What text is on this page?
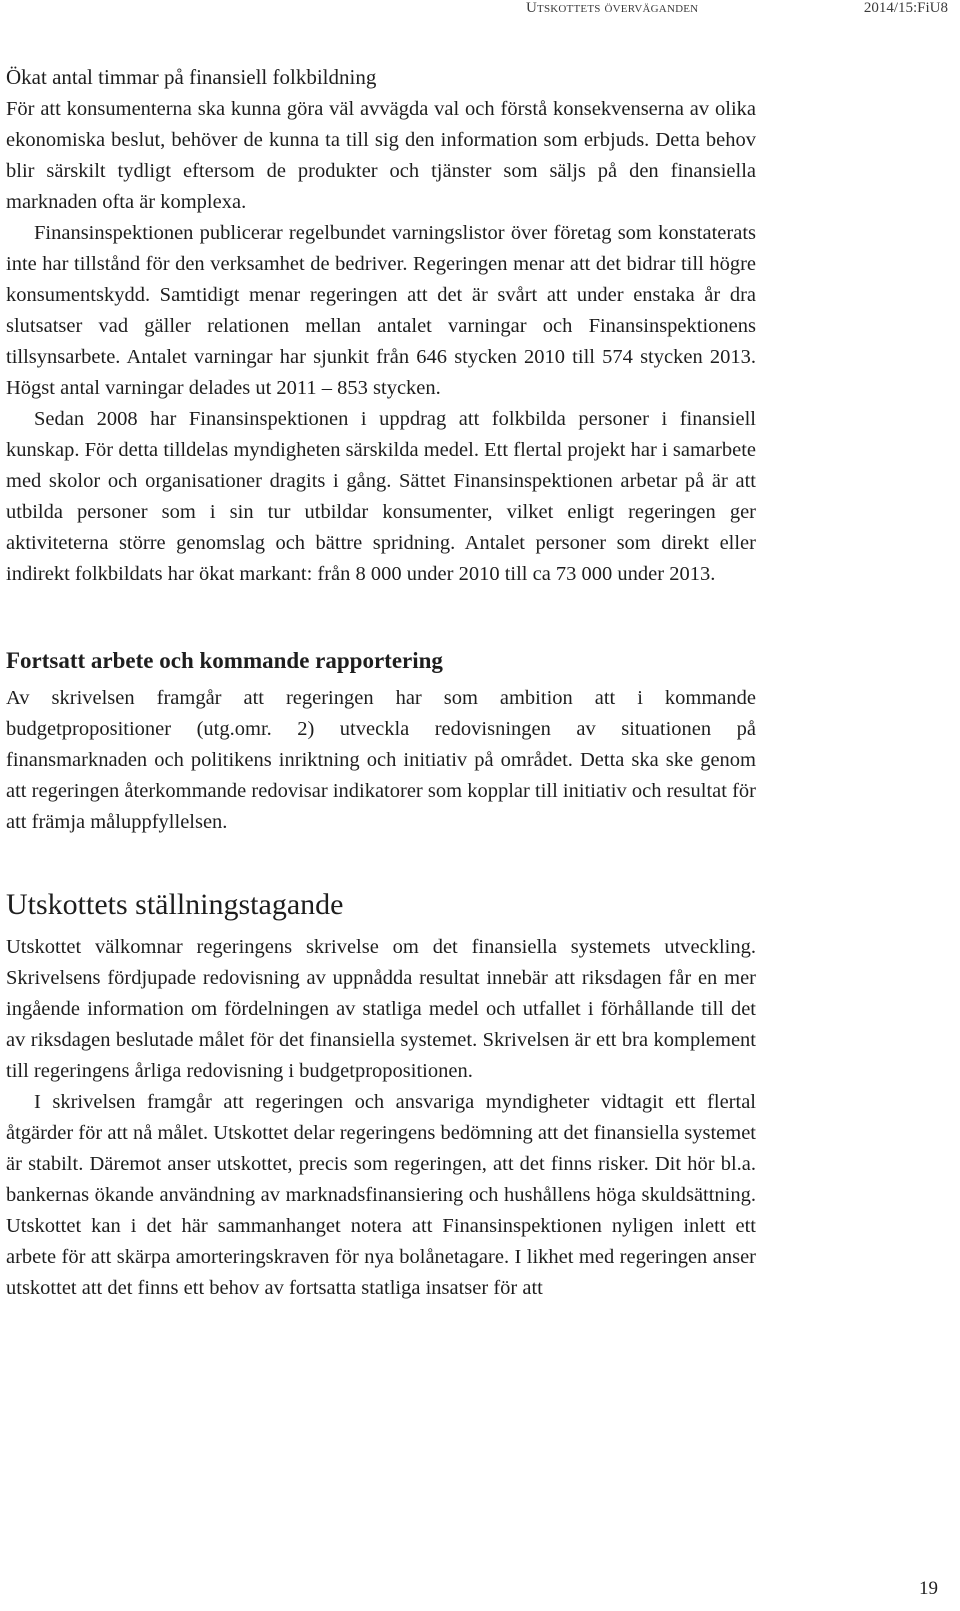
Utskottets överväganden	2014/15:FiU8
Ökat antal timmar på finansiell folkbildning

För att konsumenterna ska kunna göra väl avvägda val och förstå konsekvenserna av olika ekonomiska beslut, behöver de kunna ta till sig den information som erbjuds. Detta behov blir särskilt tydligt eftersom de produkter och tjänster som säljs på den finansiella marknaden ofta är komplexa.

Finansinspektionen publicerar regelbundet varningslistor över företag som konstaterats inte har tillstånd för den verksamhet de bedriver. Regeringen menar att det bidrar till högre konsumentskydd. Samtidigt menar regeringen att det är svårt att under enstaka år dra slutsatser vad gäller relationen mellan antalet varningar och Finansinspektionens tillsynsarbete. Antalet varningar har sjunkit från 646 stycken 2010 till 574 stycken 2013. Högst antal varningar delades ut 2011 – 853 stycken.

Sedan 2008 har Finansinspektionen i uppdrag att folkbilda personer i finansiell kunskap. För detta tilldelas myndigheten särskilda medel. Ett flertal projekt har i samarbete med skolor och organisationer dragits i gång. Sättet Finansinspektionen arbetar på är att utbilda personer som i sin tur utbildar konsumenter, vilket enligt regeringen ger aktiviteterna större genomslag och bättre spridning. Antalet personer som direkt eller indirekt folkbildats har ökat markant: från 8 000 under 2010 till ca 73 000 under 2013.

Fortsatt arbete och kommande rapportering

Av skrivelsen framgår att regeringen har som ambition att i kommande budgetpropositioner (utg.omr. 2) utveckla redovisningen av situationen på finansmarknaden och politikens inriktning och initiativ på området. Detta ska ske genom att regeringen återkommande redovisar indikatorer som kopplar till initiativ och resultat för att främja måluppfyllelsen.

Utskottets ställningstagande

Utskottet välkomnar regeringens skrivelse om det finansiella systemets utveckling. Skrivelsens fördjupade redovisning av uppnådda resultat innebär att riksdagen får en mer ingående information om fördelningen av statliga medel och utfallet i förhållande till det av riksdagen beslutade målet för det finansiella systemet. Skrivelsen är ett bra komplement till regeringens årliga redovisning i budgetpropositionen.

I skrivelsen framgår att regeringen och ansvariga myndigheter vidtagit ett flertal åtgärder för att nå målet. Utskottet delar regeringens bedömning att det finansiella systemet är stabilt. Däremot anser utskottet, precis som regeringen, att det finns risker. Dit hör bl.a. bankernas ökande användning av marknadsfinansiering och hushållens höga skuldsättning. Utskottet kan i det här sammanhanget notera att Finansinspektionen nyligen inlett ett arbete för att skärpa amorteringskraven för nya bolånetagare. I likhet med regeringen anser utskottet att det finns ett behov av fortsatta statliga insatser för att

19
